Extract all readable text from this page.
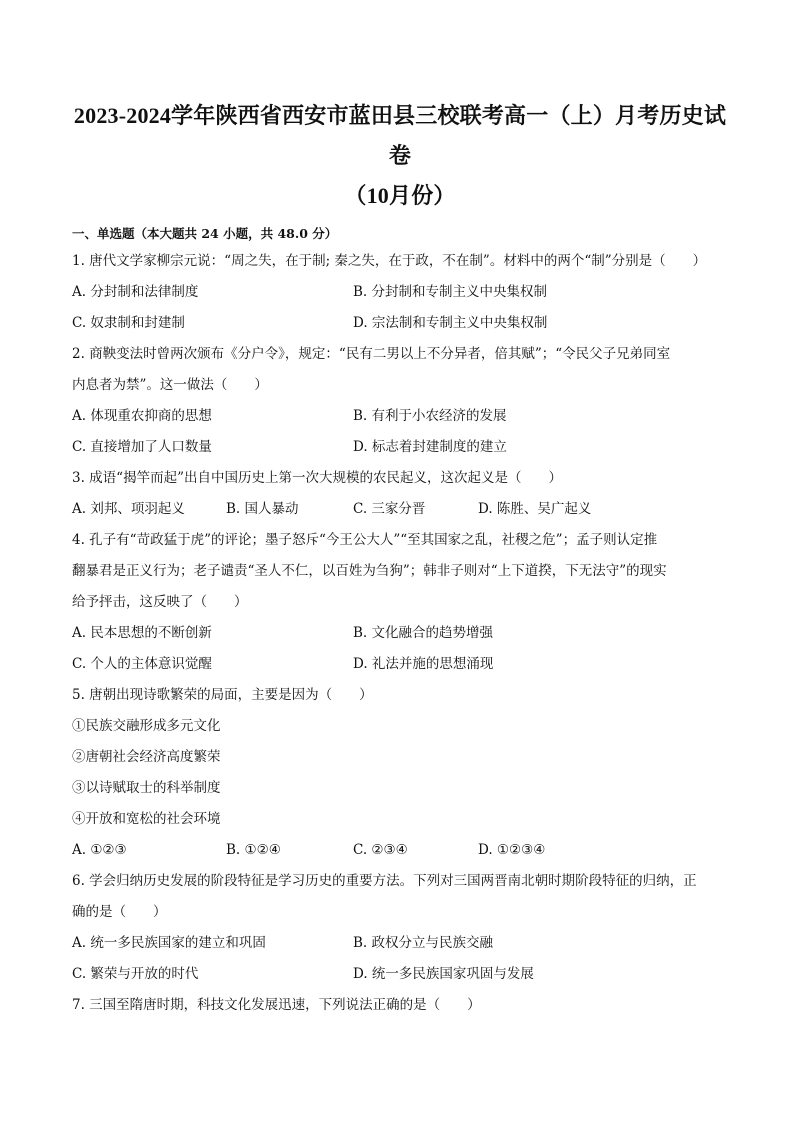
2023-2024学年陕西省西安市蓝田县三校联考高一（上）月考历史试卷
（10月份）
一、单选题（本大题共 24 小题，共 48.0 分）
1. 唐代文学家柳宗元说：“周之失，在于制; 秦之失，在于政，不在制”。材料中的两个“制”分别是（　　）
A. 分封制和法律制度	B. 分封制和专制主义中央集权制
C. 奴隶制和封建制	D. 宗法制和专制主义中央集权制
2. 商鞅变法时曾两次颁布《分户令》，规定：“民有二男以上不分异者，倍其赋”；“令民父子兄弟同室
内息者为禁”。这一做法（　　）
A. 体现重农抑商的思想	B. 有利于小农经济的发展
C. 直接增加了人口数量	D. 标志着封建制度的建立
3. 成语“揭竿而起”出自中国历史上第一次大规模的农民起义，这次起义是（　　）
A. 刘邦、项羽起义	B. 国人暴动	C. 三家分晋	D. 陈胜、吴广起义
4. 孔子有“苛政猛于虎”的评论；墨子怒斥“今王公大人”“至其国家之乱，社稷之危”；孟子则认定推
翻暴君是正义行为；老子谴责“圣人不仁，以百姓为刍狗”；韩非子则对“上下道揆，下无法守”的现实
给予抨击，这反映了（　　）
A. 民本思想的不断创新	B. 文化融合的趋势增强
C. 个人的主体意识觉醒	D. 礼法并施的思想涌现
5. 唐朝出现诗歌繁荣的局面，主要是因为（　　）
①民族交融形成多元文化
②唐朝社会经济高度繁荣
③以诗赋取士的科举制度
④开放和宽松的社会环境
A. ①②③	B. ①②④	C. ②③④	D. ①②③④
6. 学会归纳历史发展的阶段特征是学习历史的重要方法。下列对三国两晋南北朝时期阶段特征的归纳，正
确的是（　　）
A. 统一多民族国家的建立和巩固	B. 政权分立与民族交融
C. 繁荣与开放的时代	D. 统一多民族国家巩固与发展
7. 三国至隋唐时期，科技文化发展迅速，下列说法正确的是（　　）
